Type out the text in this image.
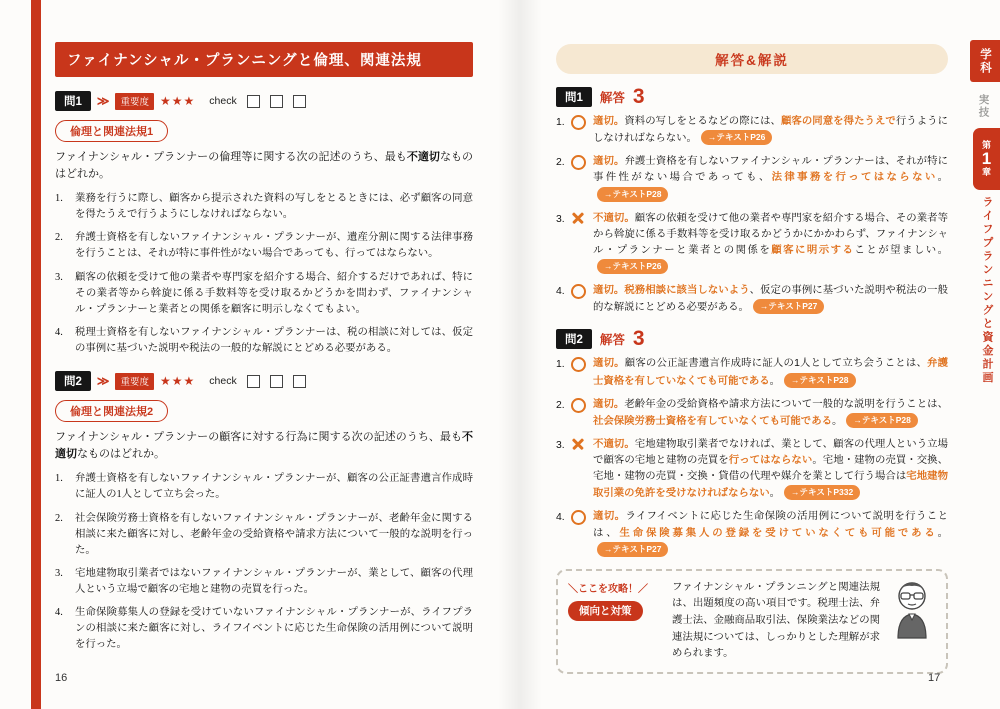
ファイナンシャル・プランニングと倫理、関連法規
問1	≫	重要度 ★★★ check
倫理と関連法規1

ファイナンシャル・プランナーの倫理等に関する次の記述のうち、最も不適切なものはどれか。

1.	業務を行うに際し、顧客から提示された資料の写しをとるときには、必ず顧客の同意を得たうえで行うようにしなければならない。
2.	弁護士資格を有しないファイナンシャル・プランナーが、遺産分割に関する法律事務を行うことは、それが特に事件性がない場合であっても、行ってはならない。
3.	顧客の依頼を受けて他の業者や専門家を紹介する場合、紹介するだけであれば、特にその業者等から斡旋に係る手数料等を受け取るかどうかを問わず、ファイナンシャル・プランナーと業者との関係を顧客に明示しなくてもよい。
4.	税理士資格を有しないファイナンシャル・プランナーは、税の相談に対しては、仮定の事例に基づいた説明や税法の一般的な解説にとどめる必要がある。
問2	≫	重要度 ★★★ check
倫理と関連法規2

ファイナンシャル・プランナーの顧客に対する行為に関する次の記述のうち、最も不適切なものはどれか。

1.	弁護士資格を有しないファイナンシャル・プランナーが、顧客の公正証書遺言作成時に証人の1人として立ち会った。
2.	社会保険労務士資格を有しないファイナンシャル・プランナーが、老齢年金に関する相談に来た顧客に対し、老齢年金の受給資格や請求方法について一般的な説明を行った。
3.	宅地建物取引業者ではないファイナンシャル・プランナーが、業として、顧客の代理人という立場で顧客の宅地と建物の売買を行った。
4.	生命保険募集人の登録を受けていないファイナンシャル・プランナーが、ライフプランの相談に来た顧客に対し、ライフイベントに応じた生命保険の活用例について説明を行った。
16
解答&解説
問1	解答 3
1.	適切。資料の写しをとるなどの際には、顧客の同意を得たうえで行うようにしなければならない。 →テキストP26
2.	適切。弁護士資格を有しないファイナンシャル・プランナーは、それが特に事件性がない場合であっても、法律事務を行ってはならない。→テキストP28
3.	不適切。顧客の依頼を受けて他の業者や専門家を紹介する場合、その業者等から斡旋に係る手数料等を受け取るかどうかにかかわらず、ファイナンシャル・プランナーと業者との関係を顧客に明示することが望ましい。→テキストP26
4.	適切。税務相談に該当しないよう、仮定の事例に基づいた説明や税法の一般的な解説にとどめる必要がある。 →テキストP27
問2	解答 3
1.	適切。顧客の公正証書遺言作成時に証人の1人として立ち会うことは、弁護士資格を有していなくても可能である。 →テキストP28
2.	適切。老齢年金の受給資格や請求方法について一般的な説明を行うことは、社会保険労務士資格を有していなくても可能である。 →テキストP28
3.	不適切。宅地建物取引業者でなければ、業として、顧客の代理人という立場で顧客の宅地と建物の売買を行ってはならない。宅地・建物の売買・交換、宅地・建物の売買・交換・貸借の代理や媒介を業として行う場合は宅地建物取引業の免許を受けなければならない。 →テキストP332
4.	適切。ライフイベントに応じた生命保険の活用例について説明を行うことは、生命保険募集人の登録を受けていなくても可能である。→テキストP27
＼ここを攻略！／
傾向と対策
ファイナンシャル・プランニングと関連法規は、出題頻度の高い項目です。税理士法、弁護士法、金融商品取引法、保険業法などの関連法規については、しっかりとした理解が求められます。
17
学科
実技
第
1
章
ライフプランニングと資金計画
